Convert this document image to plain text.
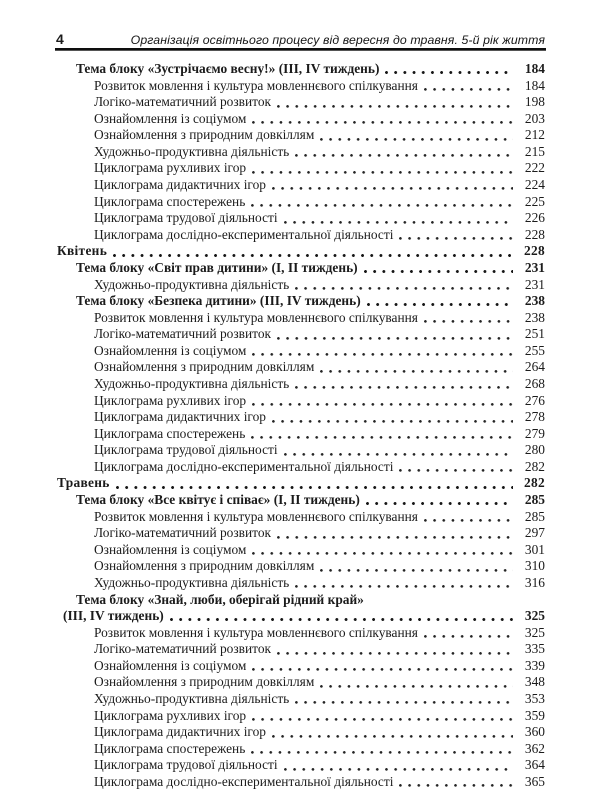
4	Організація освітнього процесу від вересня до травня. 5-й рік життя
Тема блоку «Зустрічаємо весну!» (III, IV тиждень)	184
Розвиток мовлення і культура мовленнєвого спілкування	184
Логіко-математичний розвиток	198
Ознайомлення із соціумом	203
Ознайомлення з природним довкіллям	212
Художньо-продуктивна діяльність	215
Циклограма рухливих ігор	222
Циклограма дидактичних ігор	224
Циклограма спостережень	225
Циклограма трудової діяльності	226
Циклограма дослідно-експериментальної діяльності	228
Квітень	228
Тема блоку «Світ прав дитини» (I, II тиждень)	231
Художньо-продуктивна діяльність	231
Тема блоку «Безпека дитини» (III, IV тиждень)	238
Розвиток мовлення і культура мовленнєвого спілкування	238
Логіко-математичний розвиток	251
Ознайомлення із соціумом	255
Ознайомлення з природним довкіллям	264
Художньо-продуктивна діяльність	268
Циклограма рухливих ігор	276
Циклограма дидактичних ігор	278
Циклограма спостережень	279
Циклограма трудової діяльності	280
Циклограма дослідно-експериментальної діяльності	282
Травень	282
Тема блоку «Все квітує і співає» (I, II тиждень)	285
Розвиток мовлення і культура мовленнєвого спілкування	285
Логіко-математичний розвиток	297
Ознайомлення із соціумом	301
Ознайомлення з природним довкіллям	310
Художньо-продуктивна діяльність	316
Тема блоку «Знай, люби, оберігай рідний край»
(III, IV тиждень)	325
Розвиток мовлення і культура мовленнєвого спілкування	325
Логіко-математичний розвиток	335
Ознайомлення із соціумом	339
Ознайомлення з природним довкіллям	348
Художньо-продуктивна діяльність	353
Циклограма рухливих ігор	359
Циклограма дидактичних ігор	360
Циклограма спостережень	362
Циклограма трудової діяльності	364
Циклограма дослідно-експериментальної діяльності	365
